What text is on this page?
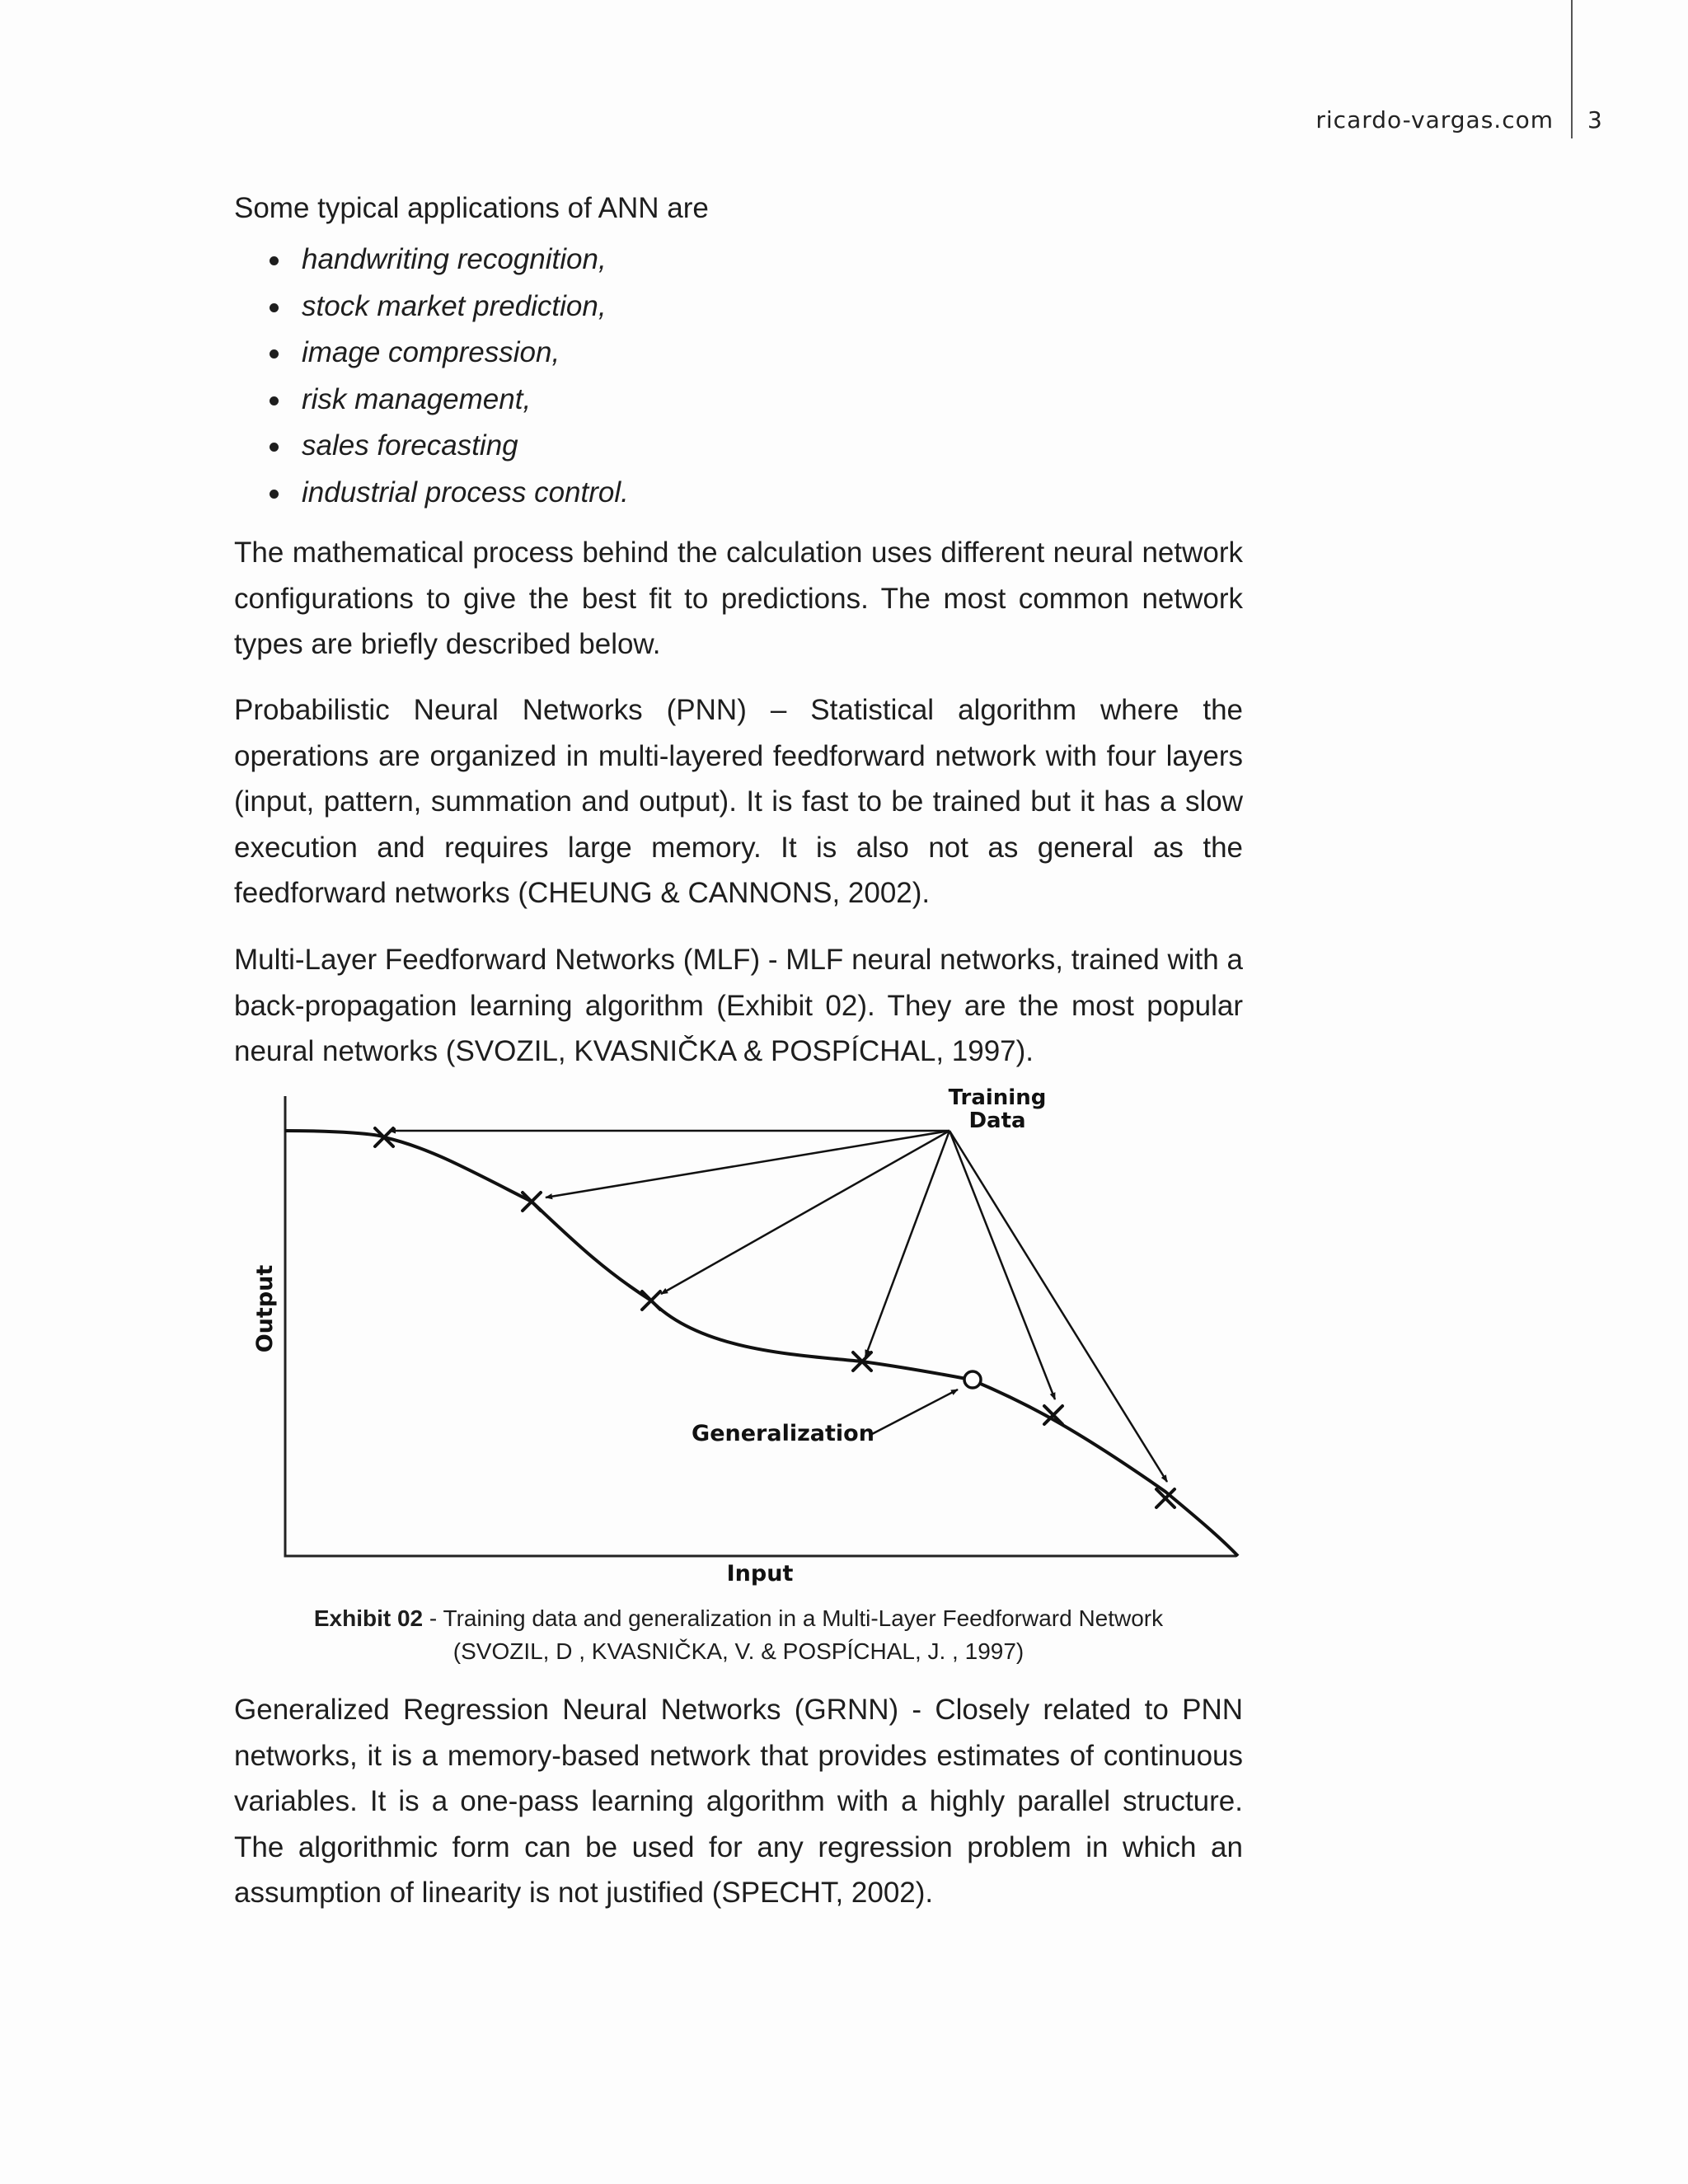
ricardo-vargas.com 3
Some typical applications of ANN are
handwriting recognition,
stock market prediction,
image compression,
risk management,
sales forecasting
industrial process control.

The mathematical process behind the calculation uses different neural network configurations to give the best fit to predictions. The most common network types are briefly described below.

Probabilistic Neural Networks (PNN) – Statistical algorithm where the operations are organized in multi-layered feedforward network with four layers (input, pattern, summation and output). It is fast to be trained but it has a slow execution and requires large memory. It is also not as general as the feedforward networks (CHEUNG & CANNONS, 2002).

Multi-Layer Feedforward Networks (MLF) - MLF neural networks, trained with a back-propagation learning algorithm (Exhibit 02). They are the most popular neural networks (SVOZIL, KVASNIČKA & POSPÍCHAL, 1997).

Training
Data
Generalization
Input
Output
Exhibit 02 - Training data and generalization in a Multi-Layer Feedforward Network
(SVOZIL, D , KVASNIČKA, V. & POSPÍCHAL, J. , 1997)

Generalized Regression Neural Networks (GRNN) - Closely related to PNN networks, it is a memory-based network that provides estimates of continuous variables. It is a one-pass learning algorithm with a highly parallel structure. The algorithmic form can be used for any regression problem in which an assumption of linearity is not justified (SPECHT, 2002).
